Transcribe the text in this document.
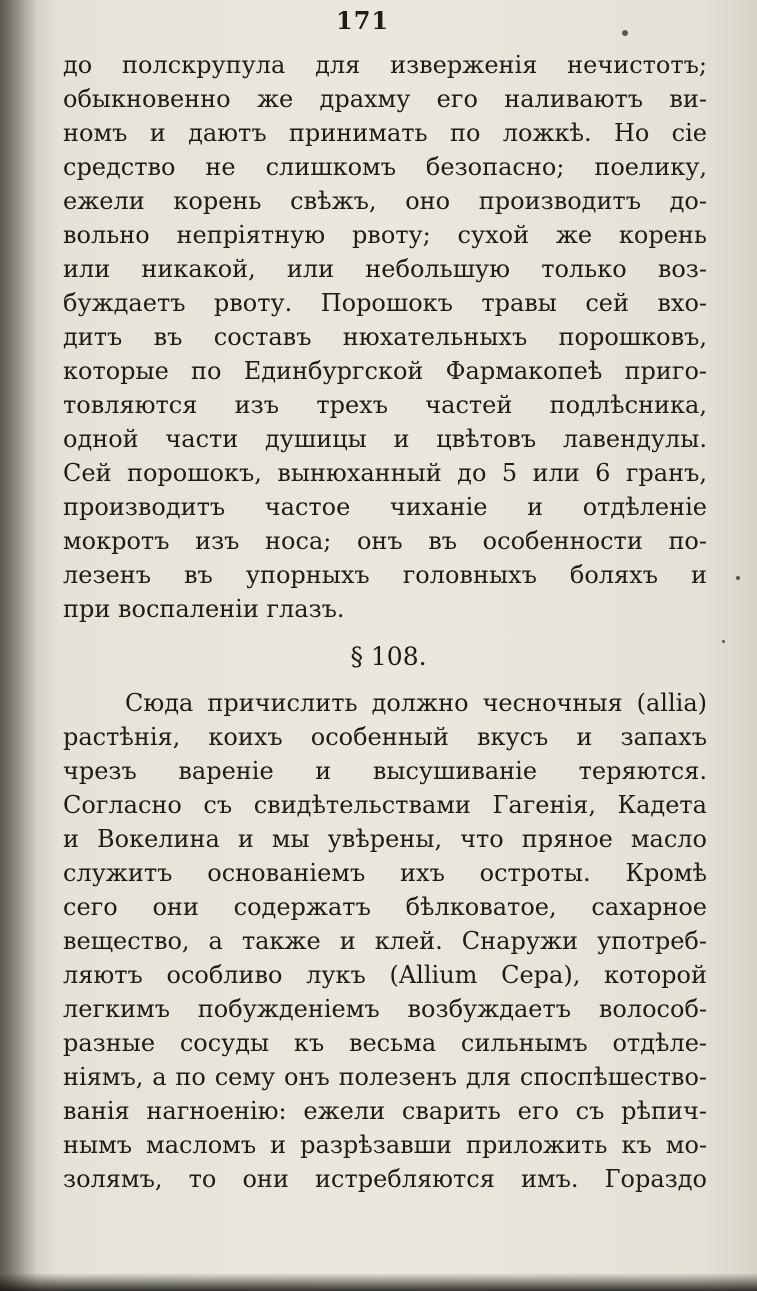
171
до полскрупула для изверженія нечистотъ;
обыкновенно же драхму его наливаютъ ви-
номъ и даютъ принимать по ложкѣ. Но сіе
средство не слишкомъ безопасно; поелику,
ежели корень свѣжъ, оно производитъ до-
вольно непріятную рвоту; сухой же корень
или никакой, или небольшую только воз-
буждаетъ рвоту. Порошокъ травы сей вхо-
дитъ въ составъ нюхательныхъ порошковъ,
которые по Единбургской Фармакопеѣ приго-
товляются изъ трехъ частей подлѣсника,
одной части душицы и цвѣтовъ лавендулы.
Сей порошокъ, вынюханный до 5 или 6 гранъ,
производитъ частое чиханіе и отдѣленіе
мокротъ изъ носа; онъ въ особенности по-
лезенъ въ упорныхъ головныхъ боляхъ и
при воспаленіи глазъ.
§ 108.
Сюда причислить должно чесночныя (allia)
растѣнія, коихъ особенный вкусъ и запахъ
чрезъ вареніе и высушиваніе теряются.
Согласно съ свидѣтельствами Гагенія, Кадета
и Вокелина и мы увѣрены, что пряное масло
служитъ основаніемъ ихъ остроты. Кромѣ
сего они содержатъ бѣлковатое, сахарное
вещество, а также и клей. Снаружи употреб-
ляютъ особливо лукъ (Allium Cepa), которой
легкимъ побужденіемъ возбуждаетъ волособ-
разные сосуды къ весьма сильнымъ отдѣле-
ніямъ, а по сему онъ полезенъ для споспѣшество-
ванія нагноенію: ежели сварить его съ рѣпич-
нымъ масломъ и разрѣзавши приложить къ мо-
золямъ, то они истребляются имъ. Гораздо
